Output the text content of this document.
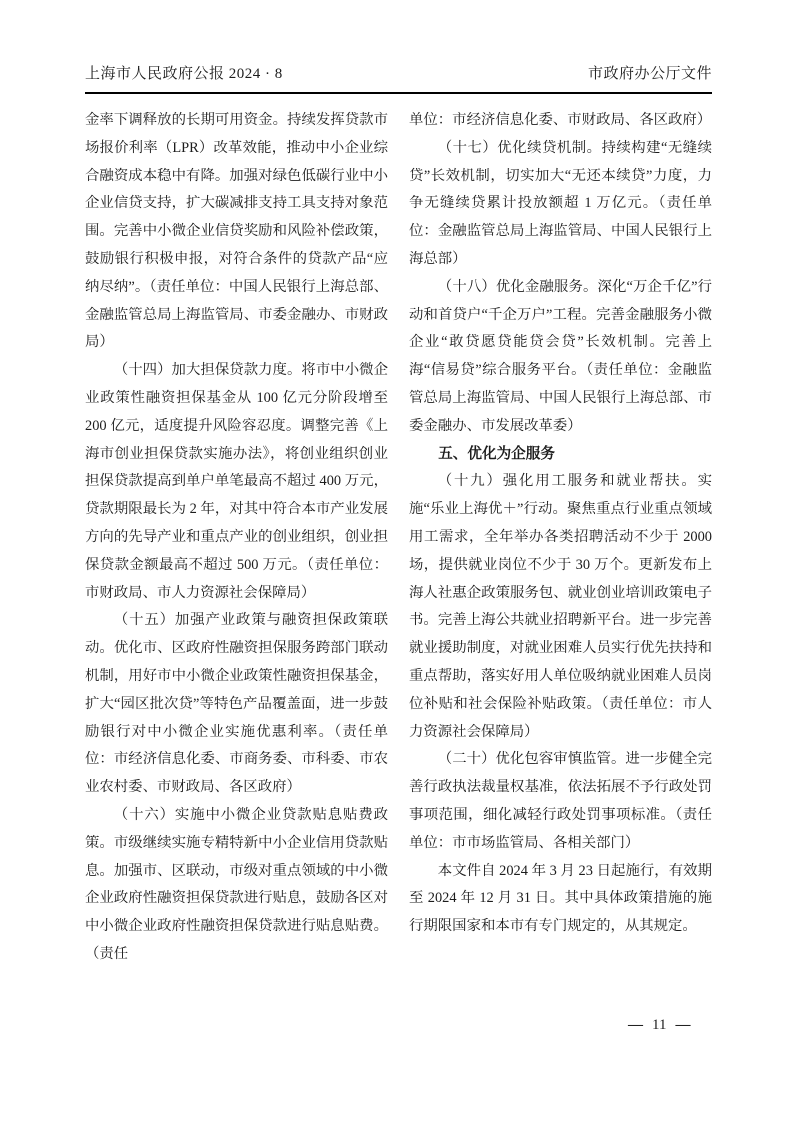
上海市人民政府公报 2024 · 8	市政府办公厅文件

金率下调释放的长期可用资金。持续发挥贷款市场报价利率（LPR）改革效能，推动中小企业综合融资成本稳中有降。加强对绿色低碳行业中小企业信贷支持，扩大碳减排支持工具支持对象范围。完善中小微企业信贷奖励和风险补偿政策，鼓励银行积极申报，对符合条件的贷款产品“应纳尽纳”。（责任单位：中国人民银行上海总部、金融监管总局上海监管局、市委金融办、市财政局）

（十四）加大担保贷款力度。将市中小微企业政策性融资担保基金从 100 亿元分阶段增至 200 亿元，适度提升风险容忍度。调整完善《上海市创业担保贷款实施办法》，将创业组织创业担保贷款提高到单户单笔最高不超过 400 万元，贷款期限最长为 2 年，对其中符合本市产业发展方向的先导产业和重点产业的创业组织，创业担保贷款金额最高不超过 500 万元。（责任单位：市财政局、市人力资源社会保障局）

（十五）加强产业政策与融资担保政策联动。优化市、区政府性融资担保服务跨部门联动机制，用好市中小微企业政策性融资担保基金，扩大“园区批次贷”等特色产品覆盖面，进一步鼓励银行对中小微企业实施优惠利率。（责任单位：市经济信息化委、市商务委、市科委、市农业农村委、市财政局、各区政府）

（十六）实施中小微企业贷款贴息贴费政策。市级继续实施专精特新中小企业信用贷款贴息。加强市、区联动，市级对重点领域的中小微企业政府性融资担保贷款进行贴息，鼓励各区对中小微企业政府性融资担保贷款进行贴息贴费。（责任

单位：市经济信息化委、市财政局、各区政府）

（十七）优化续贷机制。持续构建“无缝续贷”长效机制，切实加大“无还本续贷”力度，力争无缝续贷累计投放额超 1 万亿元。（责任单位：金融监管总局上海监管局、中国人民银行上海总部）

（十八）优化金融服务。深化“万企千亿”行动和首贷户“千企万户”工程。完善金融服务小微企业“敢贷愿贷能贷会贷”长效机制。完善上海“信易贷”综合服务平台。（责任单位：金融监管总局上海监管局、中国人民银行上海总部、市委金融办、市发展改革委）

五、优化为企服务

（十九）强化用工服务和就业帮扶。实施“乐业上海优＋”行动。聚焦重点行业重点领域用工需求，全年举办各类招聘活动不少于 2000 场，提供就业岗位不少于 30 万个。更新发布上海人社惠企政策服务包、就业创业培训政策电子书。完善上海公共就业招聘新平台。进一步完善就业援助制度，对就业困难人员实行优先扶持和重点帮助，落实好用人单位吸纳就业困难人员岗位补贴和社会保险补贴政策。（责任单位：市人力资源社会保障局）

（二十）优化包容审慎监管。进一步健全完善行政执法裁量权基准，依法拓展不予行政处罚事项范围，细化减轻行政处罚事项标准。（责任单位：市市场监管局、各相关部门）

本文件自 2024 年 3 月 23 日起施行，有效期至 2024 年 12 月 31 日。其中具体政策措施的施行期限国家和本市有专门规定的，从其规定。

— 11 —
